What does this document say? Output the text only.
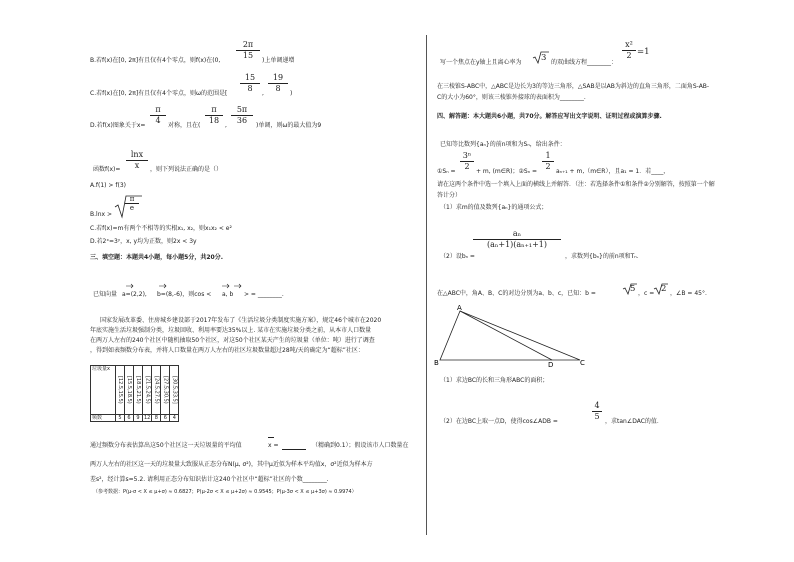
B.若f(x)在[0, 2π]有且仅有4个零点，则f(x)在(0, $\frac{2\pi}{15}$ )上单调递增
C.若f(x)在[0, 2π]有且仅有4个零点，则ω的范围是[ $\frac{15}{8}$ , $\frac{19}{8}$ )
D.若f(x)图象关于$x= \frac{\pi}{4}$ 对称，且在( $\frac{\pi}{18}$ , $\frac{5\pi}{36}$ )单调，则ω的最大值为9
函数$f(x)= \frac{\ln x}{x}$ ，则下列说法正确的是（）
A.f(1) > f(3)
B.lnx >
$\frac{\pi}{e}$
C.若f(x)=m有两个不相等的实根x₁, x₂，则x₁x₂ < e²
D.若2ˣ=3ʸ，x, y均为正数，则2x < 3y
三、填空题：本题共4小题，每小题5分，共20分.
已知向量 a=(2,2), b=(8,-6)，则cos < a, b > = ________.
国家发展改革委、住房城乡建设部于2017年发布了《生活垃圾分类制度实施方案》，规定46个城市在2020
年底实施生活垃圾强制分类，垃圾回收、利用率要达35%以上. 某市在实施垃圾分类之前，从本市人口数量
在两万人左右的240个社区中随机抽取50个社区，对这50个社区某天产生的垃圾量（单位：吨）进行了调查
，得到如表频数分布表，并将人口数量在两万人左右的社区垃圾数量超过28吨/天的确定为“超标”社区：
垃圾量x	[12.5,15.5)	[15.5,18.5)	[18.5,21.5)	[21.5,24.5)	[24.5,27.5)	[27.5,30.5)	[30.5,33.5]
频数	5	6	9	12	8	6	4
通过频数分布表估算出这50个社区这一天垃圾量的平均值	x =	（精确到0.1）；假设该市人口数量在
两万人左右的社区这一天的垃圾量大致服从正态分布N(μ, σ²)，其中μ近似为样本平均值x，σ²近似为样本方
差s²，经计算s=5.2. 请利用正态分布知识估计这240个社区中“超标”社区的个数________.
（参考数据：P(μ-σ < X ≤ μ+σ) ≈ 0.6827；P(μ-2σ < X ≤ μ+2σ) ≈ 0.9545；P(μ-3σ < X ≤ μ+3σ) ≈ 0.9974）
写一个焦点在y轴上且离心率为 3 的双曲线方程________：
$\frac{\text{x²}}{2} =1$
在三棱锥S-ABC中，△ABC是边长为3的等边三角形，△SAB是以AB为斜边的直角三角形，二面角S-AB-
C的大小为60°，则该三棱锥外接球的表面积为________.
四、解答题：本大题共6小题，共70分。解答应写出文字说明、证明过程或演算步骤.
已知等比数列{aₙ}的前n项和为Sₙ，给出条件：
①Sₙ = $\frac{\text{3ⁿ}}{2} + m$, (m∈R)；②Sₙ = $\frac{1}{2} a_{n+1}$ + m,（m∈R），且a₁ = 1．若____，
请在这两个条件中选一个填入上面的横线上并解答．（注：若选择条件①和条件②分别解答，按照第一个解
答计分）
（1）求m的值及数列{aₙ}的通项公式；
（2）设bₙ =
$\frac{\text{aₙ}}{\text{(aₙ+1)(aₙ₊₁+1)}}$
，求数列{bₙ}的前n项和Tₙ．
在△ABC中，角A、B、C的对边分别为a、b、c，已知：b =	5 ，c = 2 ，∠B = 45°.
A
B	C
D
（1）求边BC的长和三角形ABC的面积；
（2）在边BC上取一点D，使得cos∠ADB =	$\frac{4}{5}$ ，求tan∠DAC的值．
